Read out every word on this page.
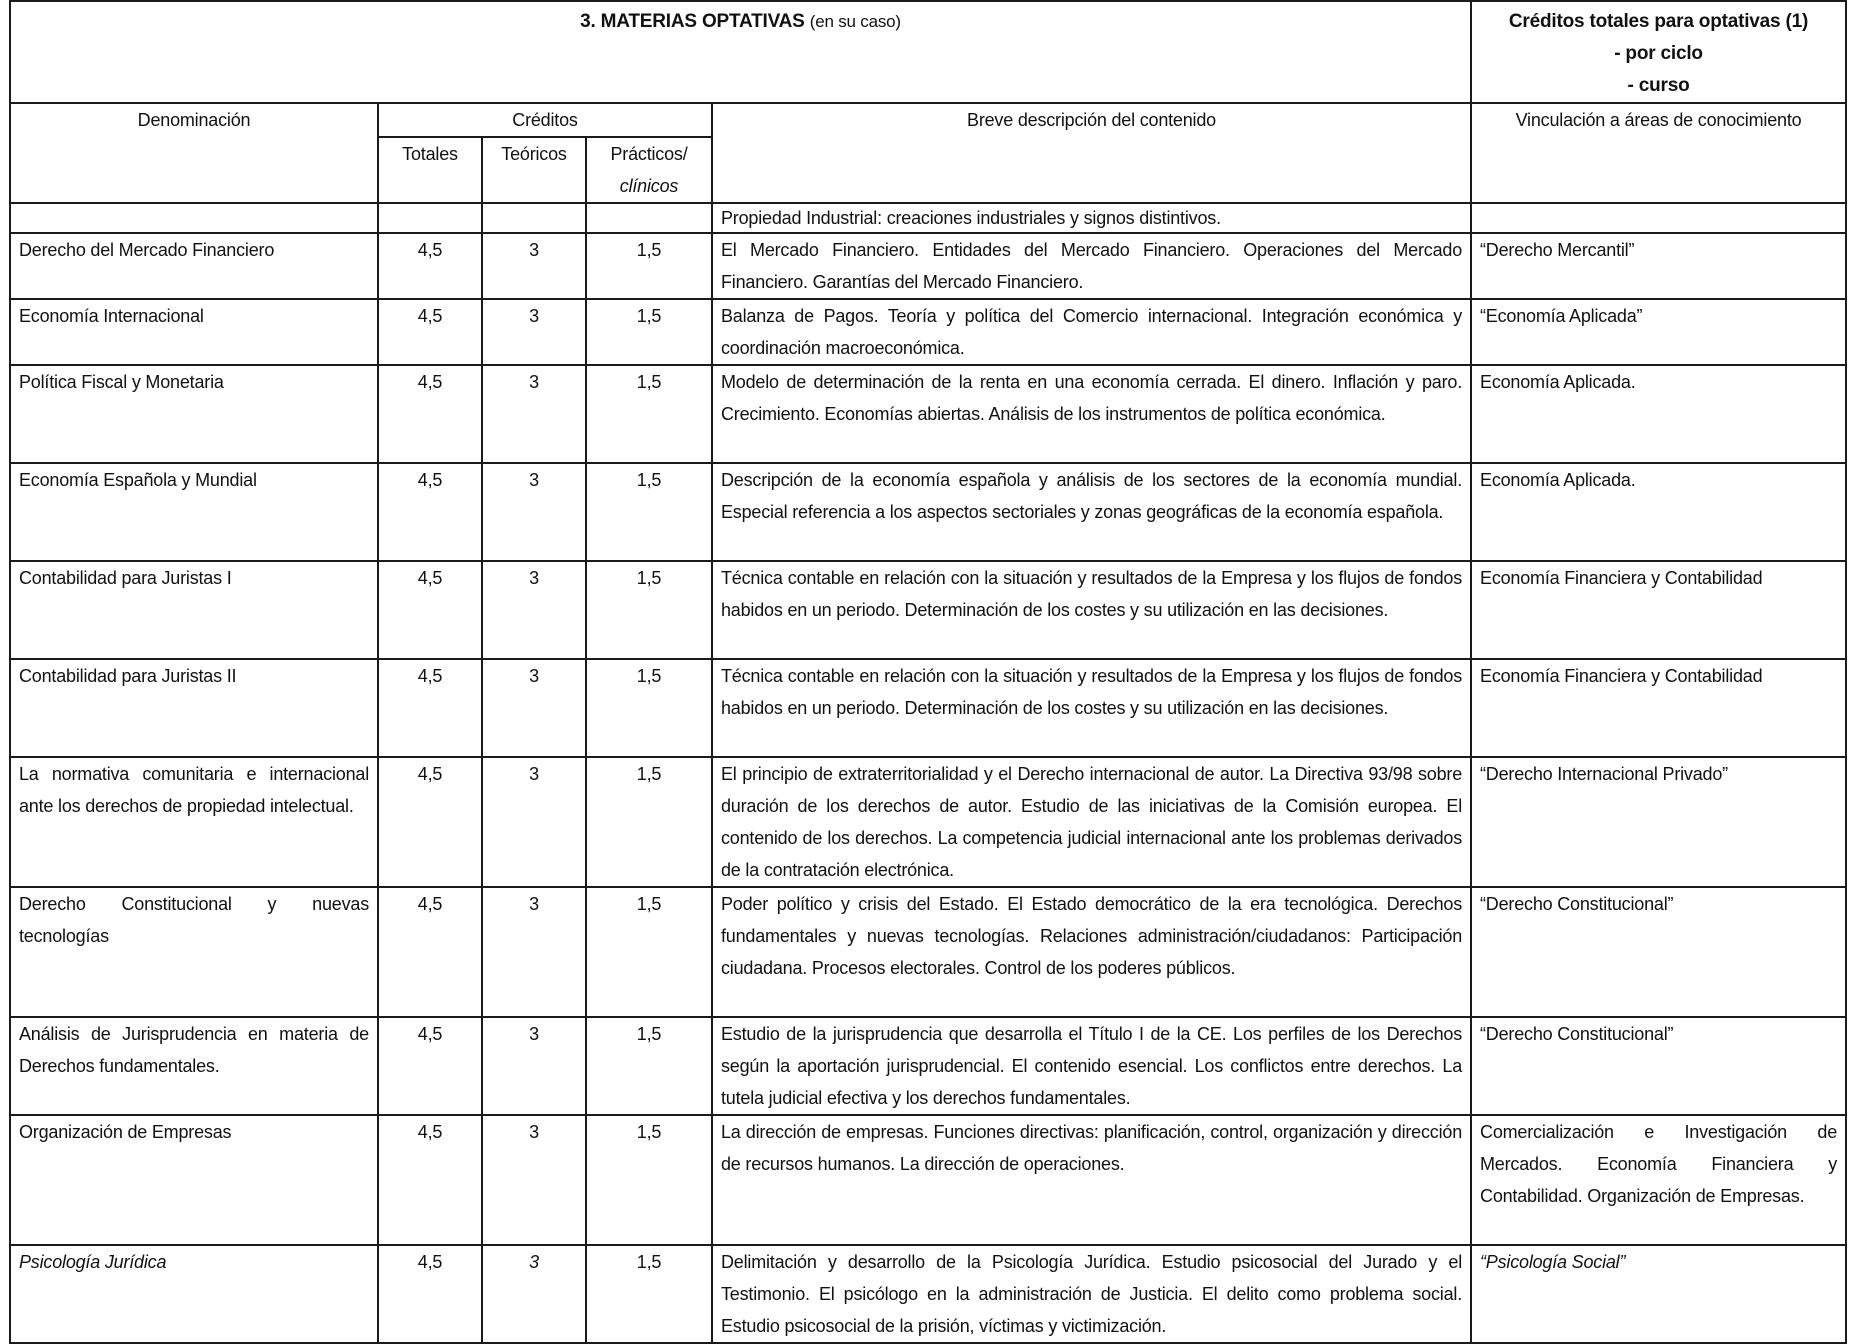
3. MATERIAS OPTATIVAS (en su caso)					Créditos totales para optativas (1)
- por ciclo
- curso

Denominación	Créditos			Breve descripción del contenido	Vinculación a áreas de conocimiento
	Totales	Teóricos	Prácticos/
clínicos		

				Propiedad Industrial: creaciones industriales y signos distintivos.	
Derecho del Mercado Financiero	4,5	3	1,5	El Mercado Financiero. Entidades del Mercado Financiero. Operaciones del Mercado Financiero. Garantías del Mercado Financiero.	“Derecho Mercantil”
Economía Internacional	4,5	3	1,5	Balanza de Pagos. Teoría y política del Comercio internacional. Integración económica y coordinación macroeconómica.	“Economía Aplicada”
Política Fiscal y Monetaria	4,5	3	1,5	Modelo de determinación de la renta en una economía cerrada. El dinero. Inflación y paro. Crecimiento. Economías abiertas. Análisis de los instrumentos de política económica.	Economía Aplicada.
Economía Española y Mundial	4,5	3	1,5	Descripción de la economía española y análisis de los sectores de la economía mundial. Especial referencia a los aspectos sectoriales y zonas geográficas de la economía española.	Economía Aplicada.
Contabilidad para Juristas I	4,5	3	1,5	Técnica contable en relación con la situación y resultados de la Empresa y los flujos de fondos habidos en un periodo. Determinación de los costes y su utilización en las decisiones.	Economía Financiera y Contabilidad
Contabilidad para Juristas II	4,5	3	1,5	Técnica contable en relación con la situación y resultados de la Empresa y los flujos de fondos habidos en un periodo. Determinación de los costes y su utilización en las decisiones.	Economía Financiera y Contabilidad
La normativa comunitaria e internacional ante los derechos de propiedad intelectual.	4,5	3	1,5	El principio de extraterritorialidad y el Derecho internacional de autor. La Directiva 93/98 sobre duración de los derechos de autor. Estudio de las iniciativas de la Comisión europea. El contenido de los derechos. La competencia judicial internacional ante los problemas derivados de la contratación electrónica.	“Derecho Internacional Privado”
Derecho Constitucional y nuevas tecnologías	4,5	3	1,5	Poder político y crisis del Estado. El Estado democrático de la era tecnológica. Derechos fundamentales y nuevas tecnologías. Relaciones administración/ciudadanos: Participación ciudadana. Procesos electorales. Control de los poderes públicos.	“Derecho Constitucional”
Análisis de Jurisprudencia en materia de Derechos fundamentales.	4,5	3	1,5	Estudio de la jurisprudencia que desarrolla el Título I de la CE. Los perfiles de los Derechos según la aportación jurisprudencial. El contenido esencial. Los conflictos entre derechos. La tutela judicial efectiva y los derechos fundamentales.	“Derecho Constitucional”
Organización de Empresas	4,5	3	1,5	La dirección de empresas. Funciones directivas: planificación, control, organización y dirección de recursos humanos. La dirección de operaciones.	Comercialización e Investigación de Mercados. Economía Financiera y Contabilidad. Organización de Empresas.
Psicología Jurídica	4,5	3	1,5	Delimitación y desarrollo de la Psicología Jurídica. Estudio psicosocial del Jurado y el Testimonio. El psicólogo en la administración de Justicia. El delito como problema social. Estudio psicosocial de la prisión, víctimas y victimización.	“Psicología Social”
